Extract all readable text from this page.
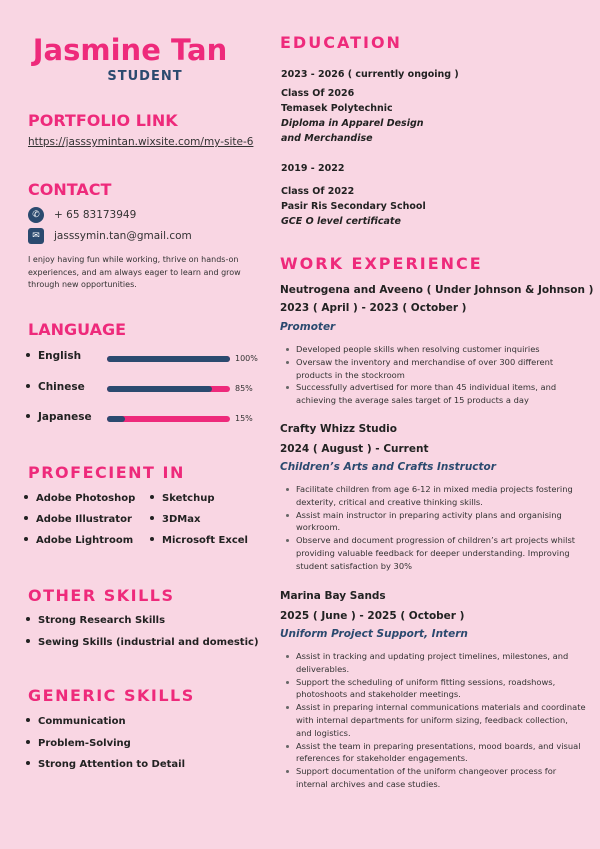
Jasmine Tan
STUDENT
PORTFOLIO LINK
https://jasssymintan.wixsite.com/my-site-6
CONTACT
✆	+ 65 83173949
✉	jasssymin.tan@gmail.com
I enjoy having fun while working, thrive on hands-on experiences, and am always eager to learn and grow through new opportunities.
LANGUAGE
English	100%
Chinese	85%
Japanese	15%
PROFECIENT IN
Adobe Photoshop
Adobe Illustrator
Adobe Lightroom
Sketchup
3DMax
Microsoft Excel
OTHER SKILLS
Strong Research Skills
Sewing Skills (industrial and domestic)
GENERIC SKILLS
Communication
Problem-Solving
Strong Attention to Detail
EDUCATION
2023 - 2026 ( currently ongoing )
Class Of 2026
Temasek Polytechnic
Diploma in Apparel Design
and Merchandise
2019 - 2022
Class Of 2022
Pasir Ris Secondary School
GCE O level certificate
WORK EXPERIENCE
Neutrogena and Aveeno ( Under Johnson & Johnson )
2023 ( April ) - 2023 ( October )
Promoter
Developed people skills when resolving customer inquiries
Oversaw the inventory and merchandise of over 300 different products in the stockroom
Successfully advertised for more than 45 individual items, and achieving the average sales target of 15 products a day
Crafty Whizz Studio
2024 ( August ) - Current
Children’s Arts and Crafts Instructor
Facilitate children from age 6-12 in mixed media projects fostering dexterity, critical and creative thinking skills.
Assist main instructor in preparing activity plans and organising workroom.
Observe and document progression of children’s art projects whilst providing valuable feedback for deeper understanding. Improving student satisfaction by 30%
Marina Bay Sands
2025 ( June ) - 2025 ( October )
Uniform Project Support, Intern
Assist in tracking and updating project timelines, milestones, and deliverables.
Support the scheduling of uniform fitting sessions, roadshows, photoshoots and stakeholder meetings.
Assist in preparing internal communications materials and coordinate with internal departments for uniform sizing, feedback collection, and logistics.
Assist the team in preparing presentations, mood boards, and visual references for stakeholder engagements.
Support documentation of the uniform changeover process for internal archives and case studies.
